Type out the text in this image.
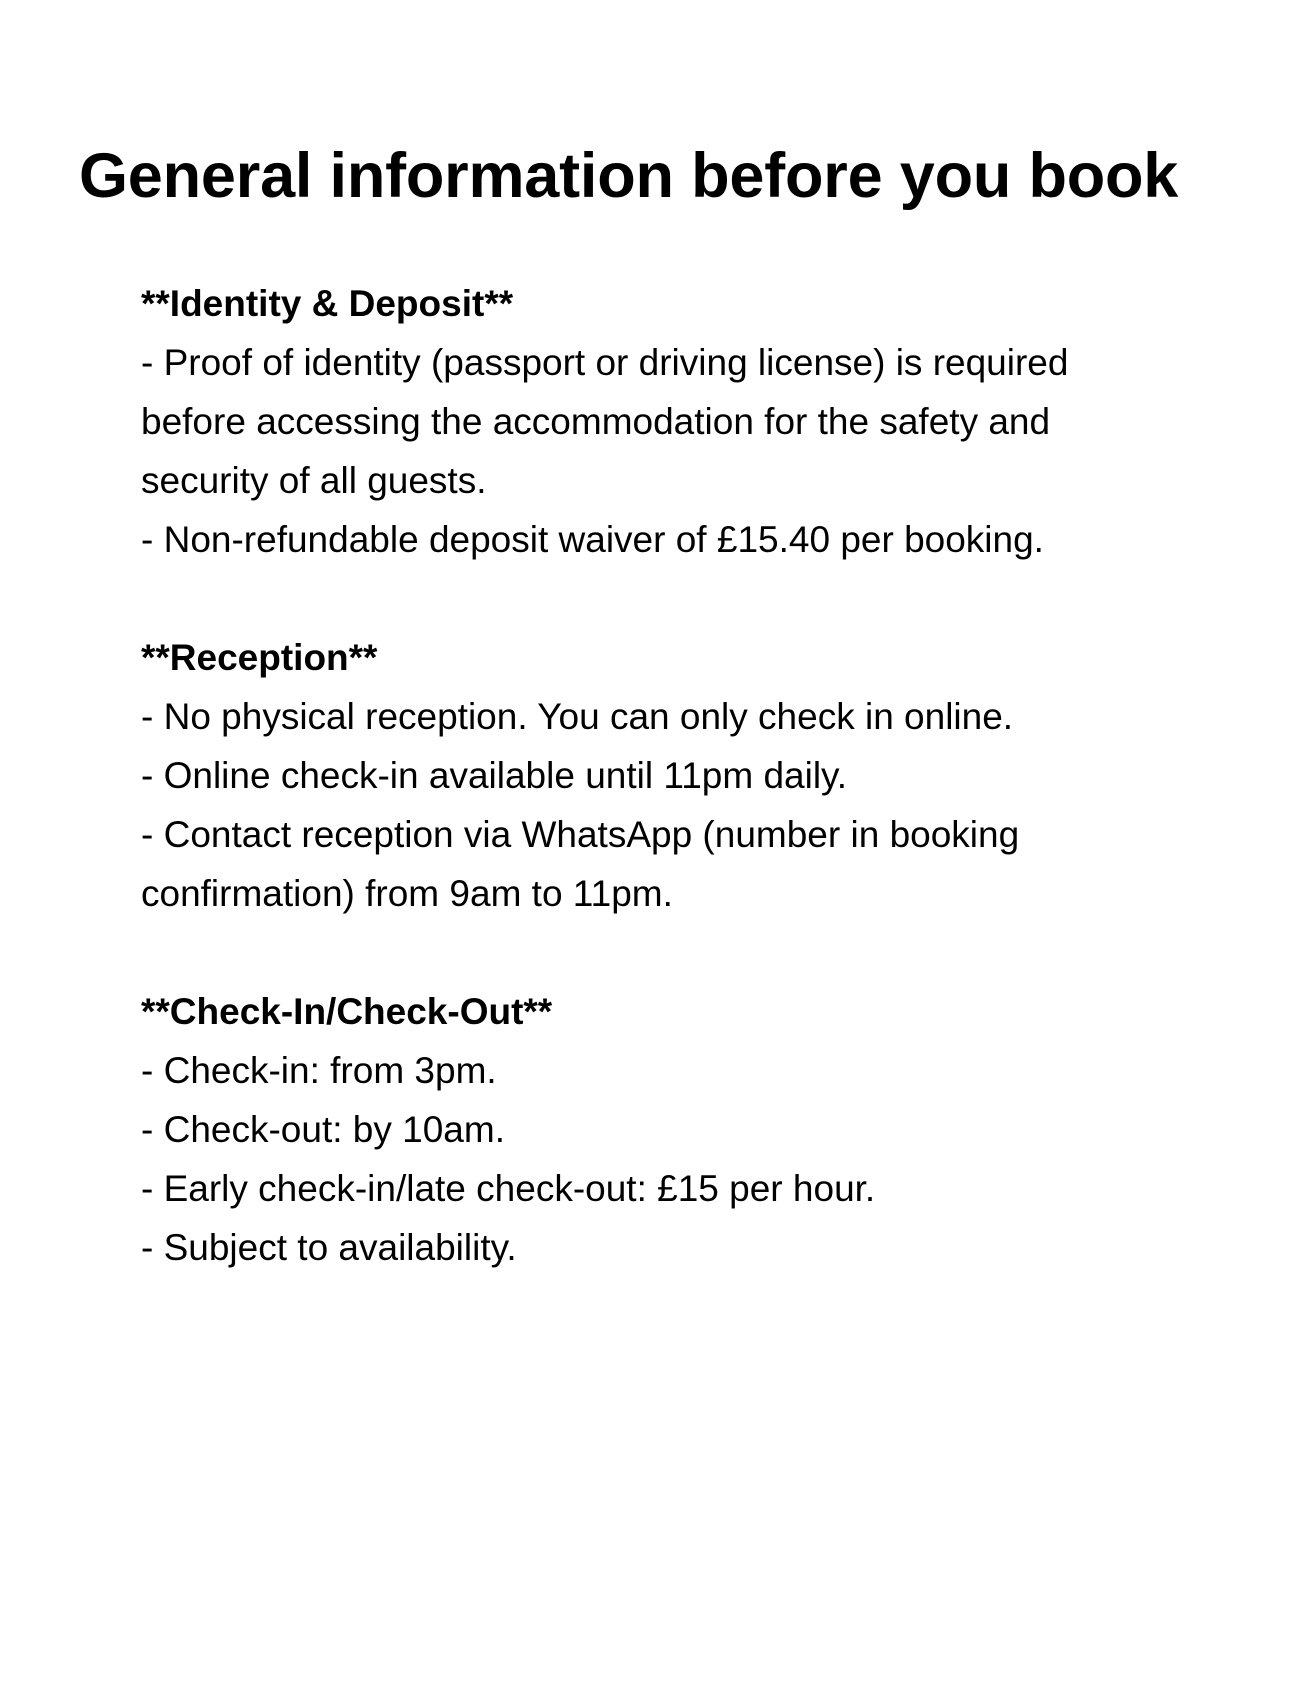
General information before you book
**Identity & Deposit**
- Proof of identity (passport or driving license) is required
before accessing the accommodation for the safety and
security of all guests.
- Non-refundable deposit waiver of £15.40 per booking.
**Reception**
- No physical reception. You can only check in online.
- Online check-in available until 11pm daily.
- Contact reception via WhatsApp (number in booking
confirmation) from 9am to 11pm.
**Check-In/Check-Out**
- Check-in: from 3pm.
- Check-out: by 10am.
- Early check-in/late check-out: £15 per hour.
- Subject to availability.
